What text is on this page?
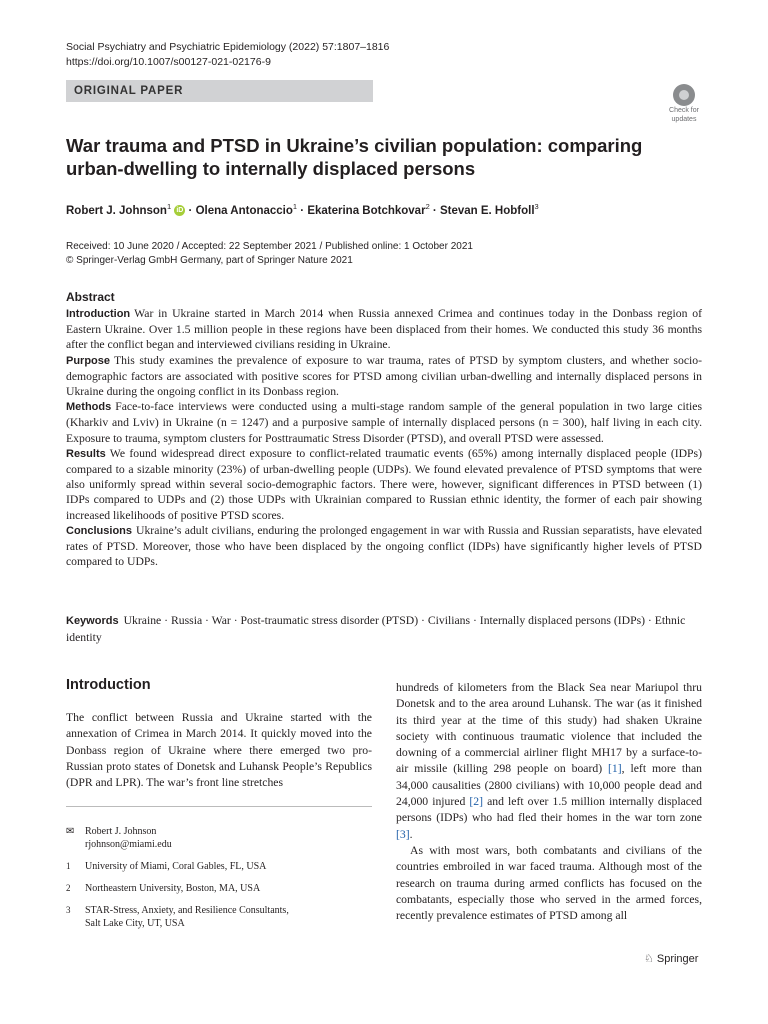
Social Psychiatry and Psychiatric Epidemiology (2022) 57:1807–1816
https://doi.org/10.1007/s00127-021-02176-9
ORIGINAL PAPER
Check for
updates
War trauma and PTSD in Ukraine’s civilian population: comparing urban-dwelling to internally displaced persons
Robert J. Johnson$^1$ iD · Olena Antonaccio$^1$ · Ekaterina Botchkovar$^2$ · Stevan E. Hobfoll$^3$
Received: 10 June 2020 / Accepted: 22 September 2021 / Published online: 1 October 2021
© Springer-Verlag GmbH Germany, part of Springer Nature 2021
Abstract

Introduction War in Ukraine started in March 2014 when Russia annexed Crimea and continues today in the Donbass region of Eastern Ukraine. Over 1.5 million people in these regions have been displaced from their homes. We conducted this study 36 months after the conflict began and interviewed civilians residing in Ukraine.

Purpose This study examines the prevalence of exposure to war trauma, rates of PTSD by symptom clusters, and whether socio-demographic factors are associated with positive scores for PTSD among civilian urban-dwelling and internally displaced persons in Ukraine during the ongoing conflict in its Donbass region.

Methods Face-to-face interviews were conducted using a multi-stage random sample of the general population in two large cities (Kharkiv and Lviv) in Ukraine (n = 1247) and a purposive sample of internally displaced persons (n = 300), half living in each city. Exposure to trauma, symptom clusters for Posttraumatic Stress Disorder (PTSD), and overall PTSD were assessed.

Results We found widespread direct exposure to conflict-related traumatic events (65%) among internally displaced people (IDPs) compared to a sizable minority (23%) of urban-dwelling people (UDPs). We found elevated prevalence of PTSD symptoms that were also uniformly spread within several socio-demographic factors. There were, however, significant differences in PTSD between (1) IDPs compared to UDPs and (2) those UDPs with Ukrainian compared to Russian ethnic identity, the former of each pair showing increased likelihoods of positive PTSD scores.

Conclusions Ukraine’s adult civilians, enduring the prolonged engagement in war with Russia and Russian separatists, have elevated rates of PTSD. Moreover, those who have been displaced by the ongoing conflict (IDPs) have significantly higher levels of PTSD compared to UDPs.

Keywords Ukraine · Russia · War · Post-traumatic stress disorder (PTSD) · Civilians · Internally displaced persons (IDPs) · Ethnic identity
Introduction

The conflict between Russia and Ukraine started with the annexation of Crimea in March 2014. It quickly moved into the Donbass region of Ukraine where there emerged two pro-Russian proto states of Donetsk and Luhansk People’s Republics (DPR and LPR). The war’s front line stretches

hundreds of kilometers from the Black Sea near Mariupol thru Donetsk and to the area around Luhansk. The war (as it finished its third year at the time of this study) had shaken Ukraine society with continuous traumatic violence that included the downing of a commercial airliner flight MH17 by a surface-to-air missile (killing 298 people on board) [1], left more than 34,000 causalities (2800 civilians) with 10,000 people dead and 24,000 injured [2] and left over 1.5 million internally displaced persons (IDPs) who had fled their homes in the war torn zone [3].

As with most wars, both combatants and civilians of the countries embroiled in war faced trauma. Although most of the research on trauma during armed conflicts has focused on the combatants, especially those who served in the armed forces, recently prevalence estimates of PTSD among all

✉	Robert J. Johnson
rjohnson@miami.edu
1	University of Miami, Coral Gables, FL, USA
2	Northeastern University, Boston, MA, USA
3	STAR-Stress, Anxiety, and Resilience Consultants,
Salt Lake City, UT, USA
♘ Springer
